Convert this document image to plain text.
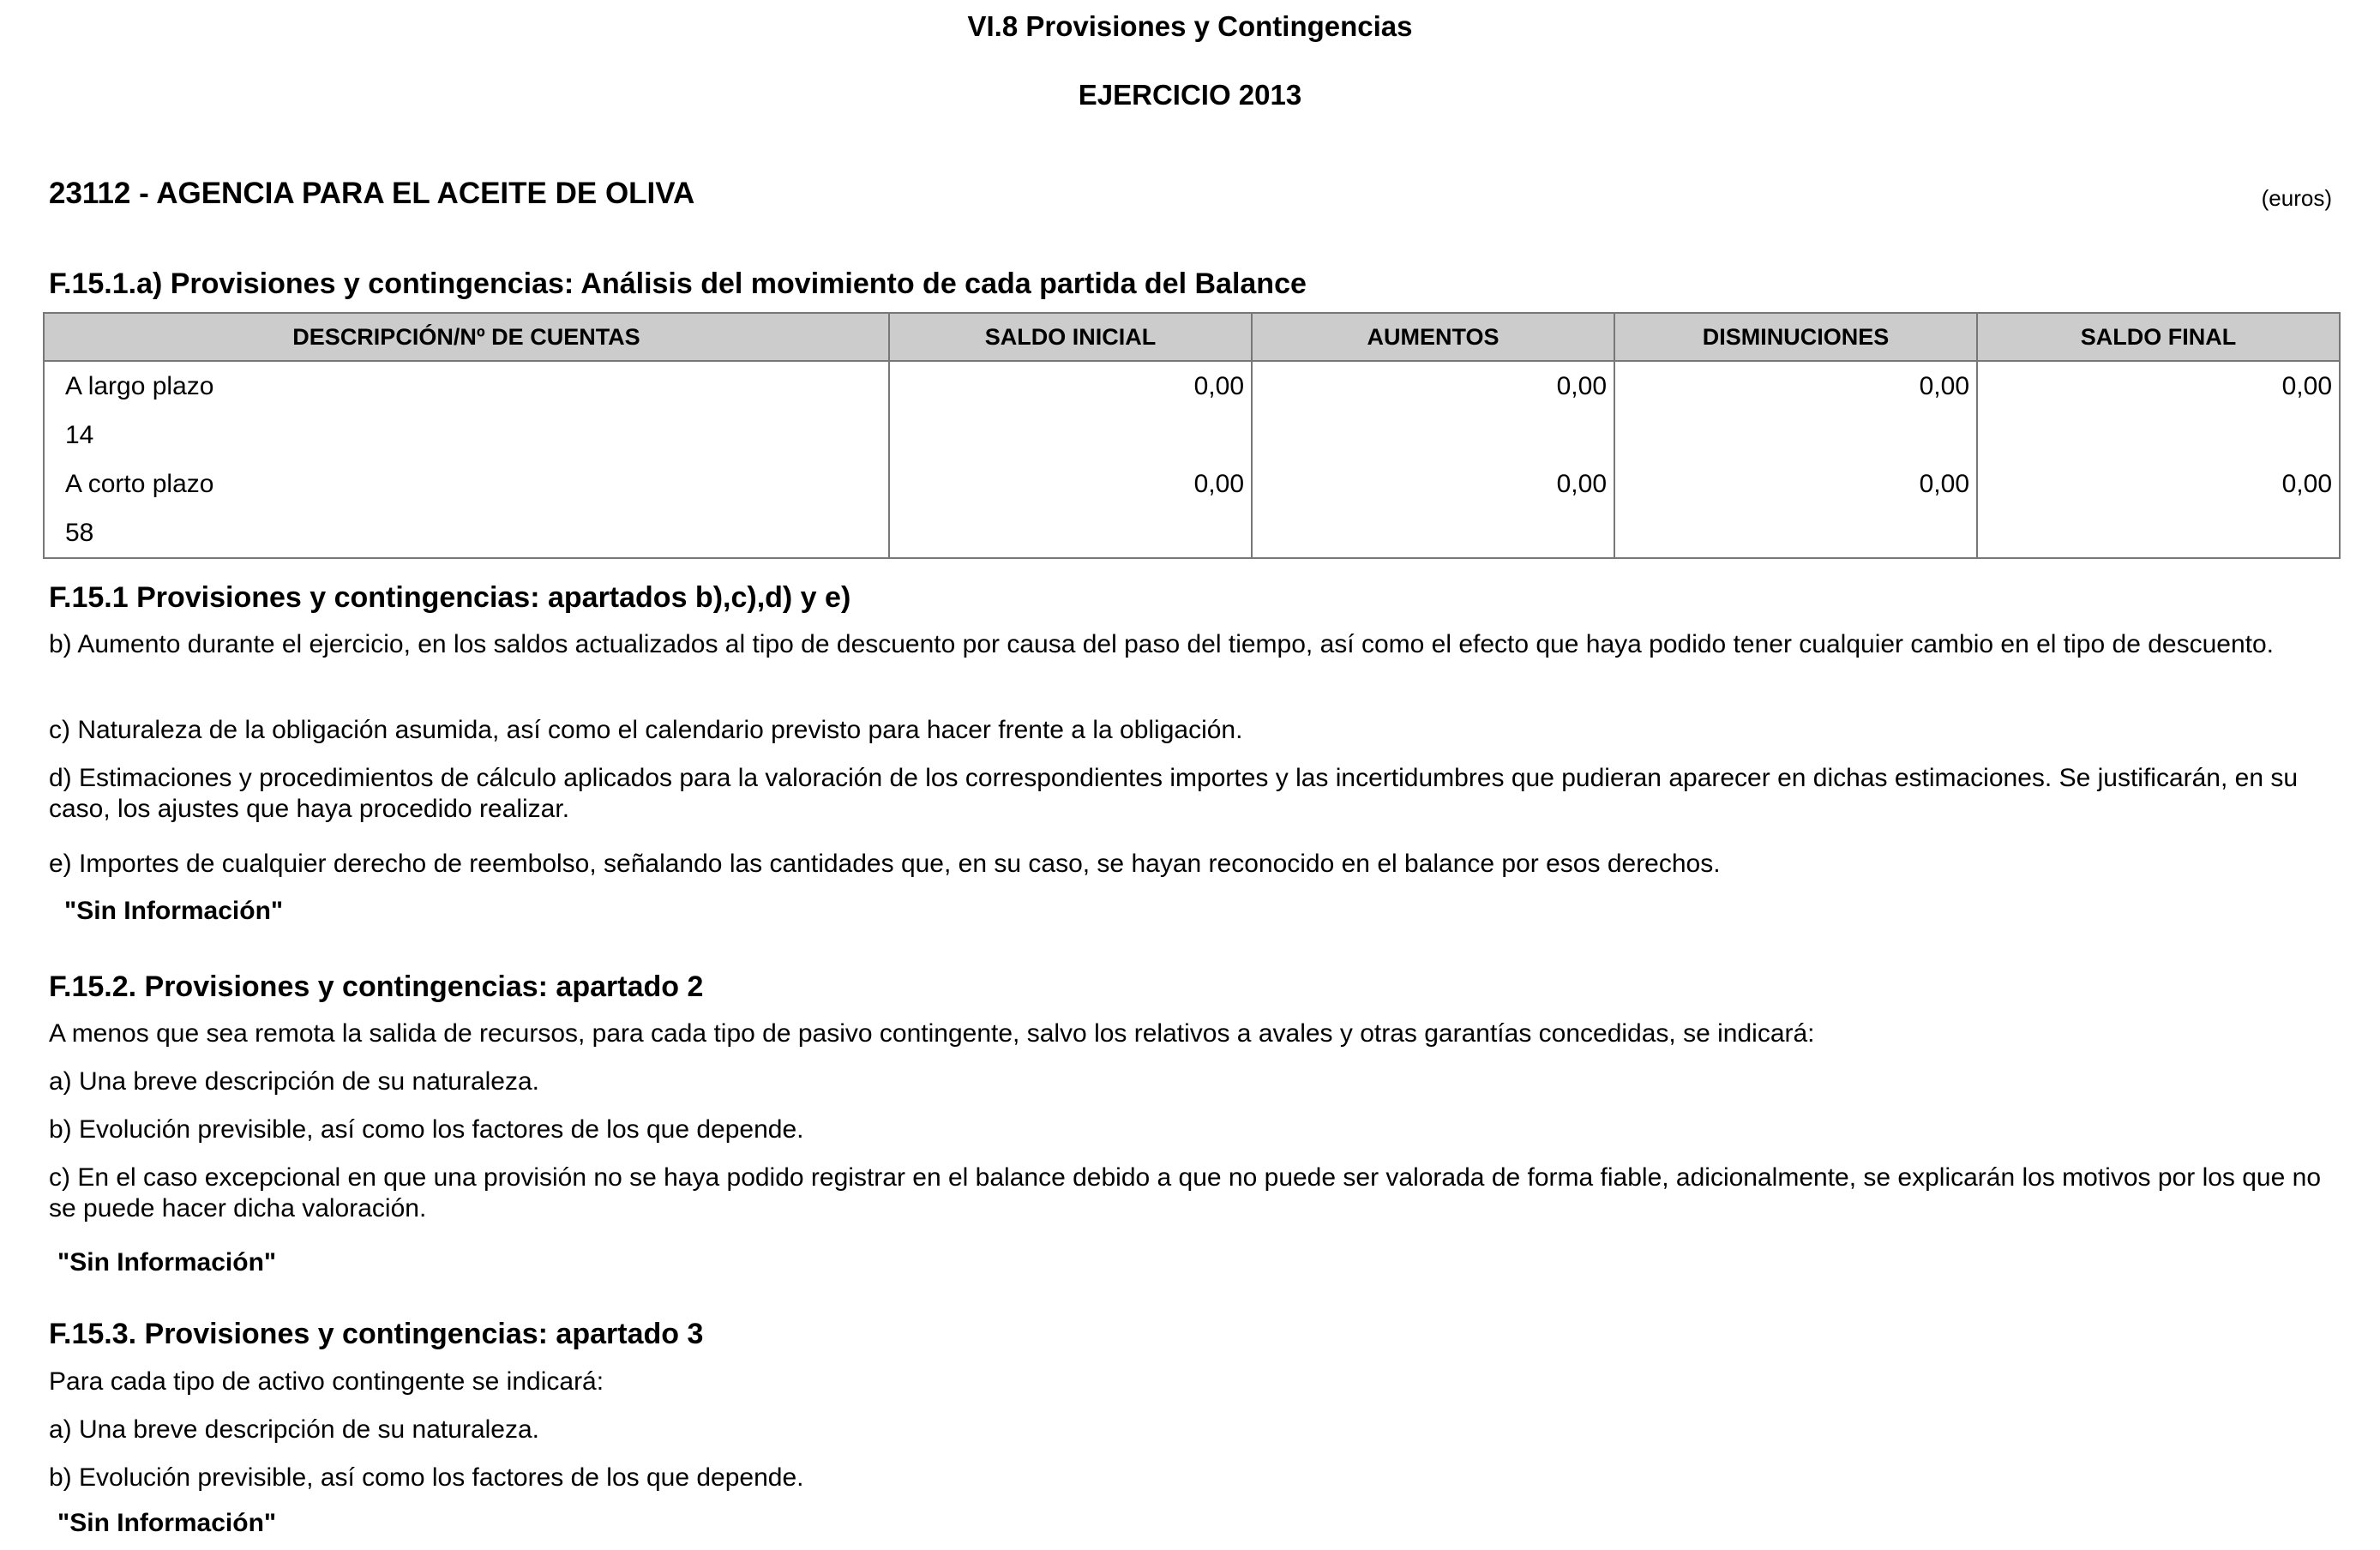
VI.8 Provisiones y Contingencias
EJERCICIO 2013
23112 - AGENCIA PARA EL ACEITE DE OLIVA	(euros)
F.15.1.a) Provisiones y contingencias: Análisis del movimiento de cada partida del Balance
DESCRIPCIÓN/Nº DE CUENTAS	SALDO INICIAL	AUMENTOS	DISMINUCIONES	SALDO FINAL
A largo plazo	0,00	0,00	0,00	0,00
14				
A corto plazo	0,00	0,00	0,00	0,00
58				
F.15.1 Provisiones y contingencias: apartados b),c),d) y e)
b) Aumento durante el ejercicio, en los saldos actualizados al tipo de descuento por causa del paso del tiempo, así como el efecto que haya podido tener cualquier cambio en el tipo de descuento.
c) Naturaleza de la obligación asumida, así como el calendario previsto para hacer frente a la obligación.
d) Estimaciones y procedimientos de cálculo aplicados para la valoración de los correspondientes importes y las incertidumbres que pudieran aparecer en dichas estimaciones. Se justificarán, en su caso, los ajustes que haya procedido realizar.
e) Importes de cualquier derecho de reembolso, señalando las cantidades que, en su caso, se hayan reconocido en el balance por esos derechos.
"Sin Información"
F.15.2. Provisiones y contingencias: apartado 2
A menos que sea remota la salida de recursos, para cada tipo de pasivo contingente, salvo los relativos a avales y otras garantías concedidas, se indicará:
a) Una breve descripción de su naturaleza.
b) Evolución previsible, así como los factores de los que depende.
c) En el caso excepcional en que una provisión no se haya podido registrar en el balance debido a que no puede ser valorada de forma fiable, adicionalmente, se explicarán los motivos por los que no se puede hacer dicha valoración.
"Sin Información"
F.15.3. Provisiones y contingencias: apartado 3
Para cada tipo de activo contingente se indicará:
a) Una breve descripción de su naturaleza.
b) Evolución previsible, así como los factores de los que depende.
"Sin Información"
